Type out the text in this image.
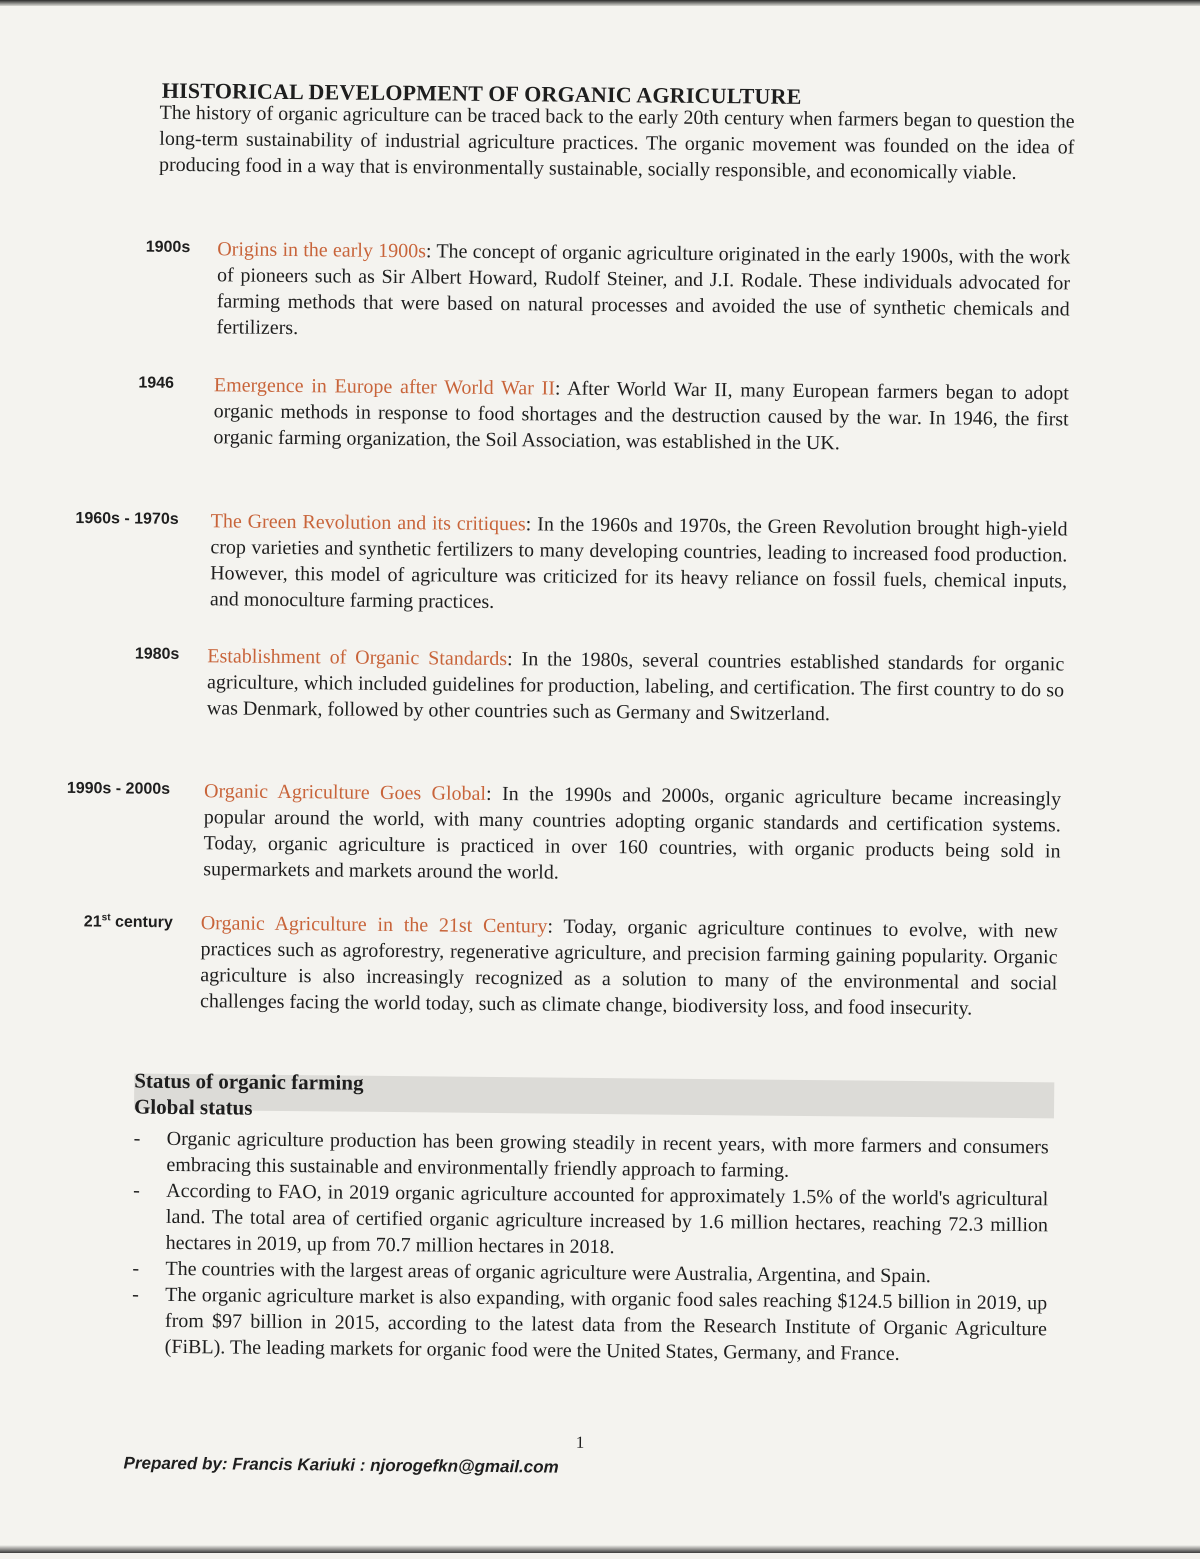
HISTORICAL DEVELOPMENT OF ORGANIC AGRICULTURE
The history of organic agriculture can be traced back to the early 20th century when farmers began to question the long-term sustainability of industrial agriculture practices. The organic movement was founded on the idea of producing food in a way that is environmentally sustainable, socially responsible, and economically viable.
1900s Origins in the early 1900s: The concept of organic agriculture originated in the early 1900s, with the work of pioneers such as Sir Albert Howard, Rudolf Steiner, and J.I. Rodale. These individuals advocated for farming methods that were based on natural processes and avoided the use of synthetic chemicals and fertilizers.
1946 Emergence in Europe after World War II: After World War II, many European farmers began to adopt organic methods in response to food shortages and the destruction caused by the war. In 1946, the first organic farming organization, the Soil Association, was established in the UK.
1960s - 1970s The Green Revolution and its critiques: In the 1960s and 1970s, the Green Revolution brought high-yield crop varieties and synthetic fertilizers to many developing countries, leading to increased food production. However, this model of agriculture was criticized for its heavy reliance on fossil fuels, chemical inputs, and monoculture farming practices.
1980s Establishment of Organic Standards: In the 1980s, several countries established standards for organic agriculture, which included guidelines for production, labeling, and certification. The first country to do so was Denmark, followed by other countries such as Germany and Switzerland.
1990s - 2000s Organic Agriculture Goes Global: In the 1990s and 2000s, organic agriculture became increasingly popular around the world, with many countries adopting organic standards and certification systems. Today, organic agriculture is practiced in over 160 countries, with organic products being sold in supermarkets and markets around the world.
21st century Organic Agriculture in the 21st Century: Today, organic agriculture continues to evolve, with new practices such as agroforestry, regenerative agriculture, and precision farming gaining popularity. Organic agriculture is also increasingly recognized as a solution to many of the environmental and social challenges facing the world today, such as climate change, biodiversity loss, and food insecurity.
Status of organic farming
Global status
- Organic agriculture production has been growing steadily in recent years, with more farmers and consumers embracing this sustainable and environmentally friendly approach to farming.
- According to FAO, in 2019 organic agriculture accounted for approximately 1.5% of the world's agricultural land. The total area of certified organic agriculture increased by 1.6 million hectares, reaching 72.3 million hectares in 2019, up from 70.7 million hectares in 2018.
- The countries with the largest areas of organic agriculture were Australia, Argentina, and Spain.
- The organic agriculture market is also expanding, with organic food sales reaching $124.5 billion in 2019, up from $97 billion in 2015, according to the latest data from the Research Institute of Organic Agriculture (FiBL). The leading markets for organic food were the United States, Germany, and France.
1
Prepared by: Francis Kariuki : njorogefkn@gmail.com
